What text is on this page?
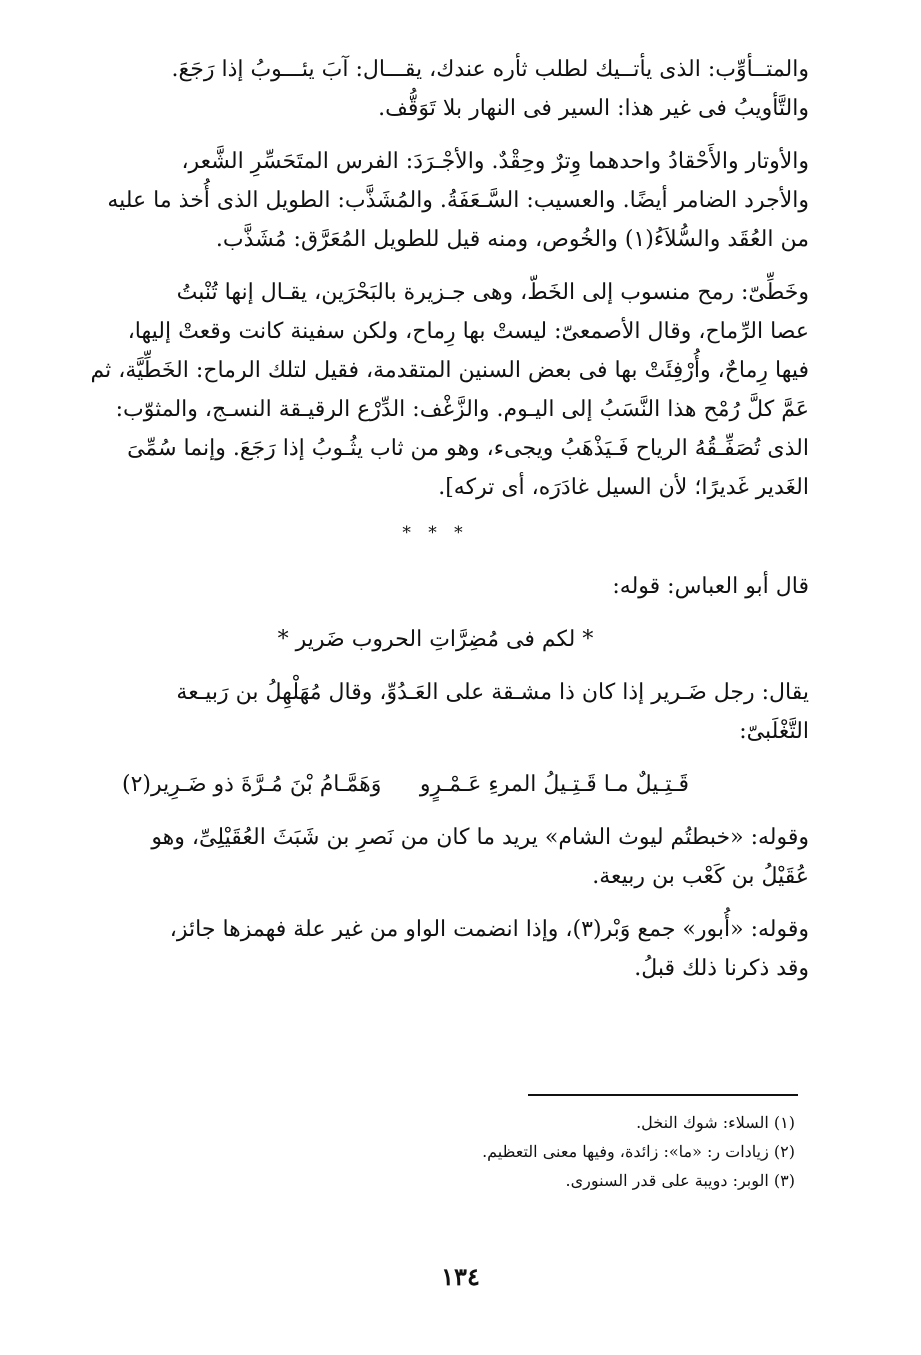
والمتــأوِّب: الذى يأتــيك لطلب ثأره عندك، يقـــال: آبَ يئـــوبُ إذا رَجَعَ.

والتَّأويبُ فى غير هذا: السير فى النهار بلا تَوَقُّف.

والأوتار والأَحْقادُ واحدهما وِترٌ وحِقْدٌ. والأجْـرَدَ: الفرس المتَحَسِّرِ الشَّعر،

والأجرد الضامر أيضًا. والعسيب: السَّـعَفَةُ. والمُشَذَّب: الطويل الذى أُخذ ما عليه

من العُقَد والسُّلاَءُ(١) والخُوص، ومنه قيل للطويل المُعَرَّق: مُشَذَّب.

وخَطِّىّ: رمح منسوب إلى الخَطّ، وهى جـزيرة بالبَحْرَين، يقـال إنها تُنْبتُ

عصا الرِّماح، وقال الأصمعىّ: ليستْ بها رِماح، ولكن سفينة كانت وقعتْ إليها،

فيها رِماحٌ، وأُرْفِئَتْ بها فى بعض السنين المتقدمة، فقيل لتلك الرماح: الخَطِّيَّة، ثم

عَمَّ كلَّ رُمْح هذا النَّسَبُ إلى اليـوم. والزَّغْف: الدِّرْع الرقيـقة النسـج، والمثوّب:

الذى تُصَفِّـقُهُ الرياح فَـيَذْهَبُ ويجىء، وهو من ثاب يثُـوبُ إذا رَجَعَ. وإنما سُمِّىَ

الغَدير غَديرًا؛ لأن السيل غادَرَه، أى تركه].

* * *

قال أبو العباس: قوله:

* لكم فى مُضِرَّاتِ الحروب ضَرير *

يقال: رجل ضَـرير إذا كان ذا مشـقة على العَـدُوِّ، وقال مُهَلْهِلُ بن رَبيـعة

التَّغْلَبىّ:

قَـتِـيلٌ مـا قَـتِـيلُ المرءِ عَـمْـرٍو
وَهَمَّـامُ بْنَ مُـرَّةَ ذو ضَـرِير(٢)

وقوله: «خبطتُم ليوث الشام» يريد ما كان من نَصرِ بن شَبَثَ العُقَيْلِىِّ، وهو

عُقَيْلُ بن كَعْب بن ربيعة.

وقوله: «أُبور» جمع وَبْر(٣)، وإذا انضمت الواو من غير علة فهمزها جائز،

وقد ذكرنا ذلك قبلُ.

(١) السلاء: شوك النخل.

(٢) زيادات ر: «ما»: زائدة، وفيها معنى التعظيم.

(٣) الوبر: دويبة على قدر السنورى.

١٣٤
